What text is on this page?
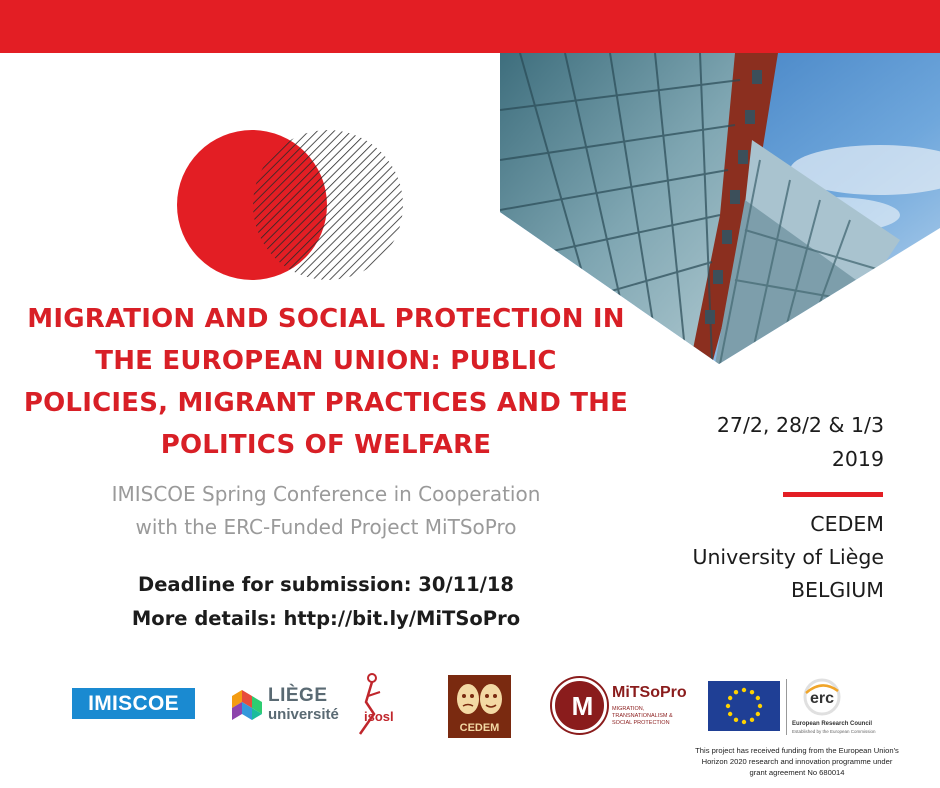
MIGRATION AND SOCIAL PROTECTION IN
THE EUROPEAN UNION: PUBLIC
POLICIES, MIGRANT PRACTICES AND THE
POLITICS OF WELFARE
IMISCOE Spring Conference in Cooperation
with the ERC-Funded Project MiTSoPro
Deadline for submission: 30/11/18
More details: http://bit.ly/MiTSoPro
27/2, 28/2 & 1/3
2019
CEDEM
University of Liège
BELGIUM
IMISCOE	LIÈGE
université isosl
CEDEM
M	MiTSoPro
MIGRATION, TRANSNATIONALISM & SOCIAL PROTECTION
erc
European Research Council
Established by the European Commission
This project has received funding from the European Union's
Horizon 2020 research and innovation programme under
grant agreement No 680014
